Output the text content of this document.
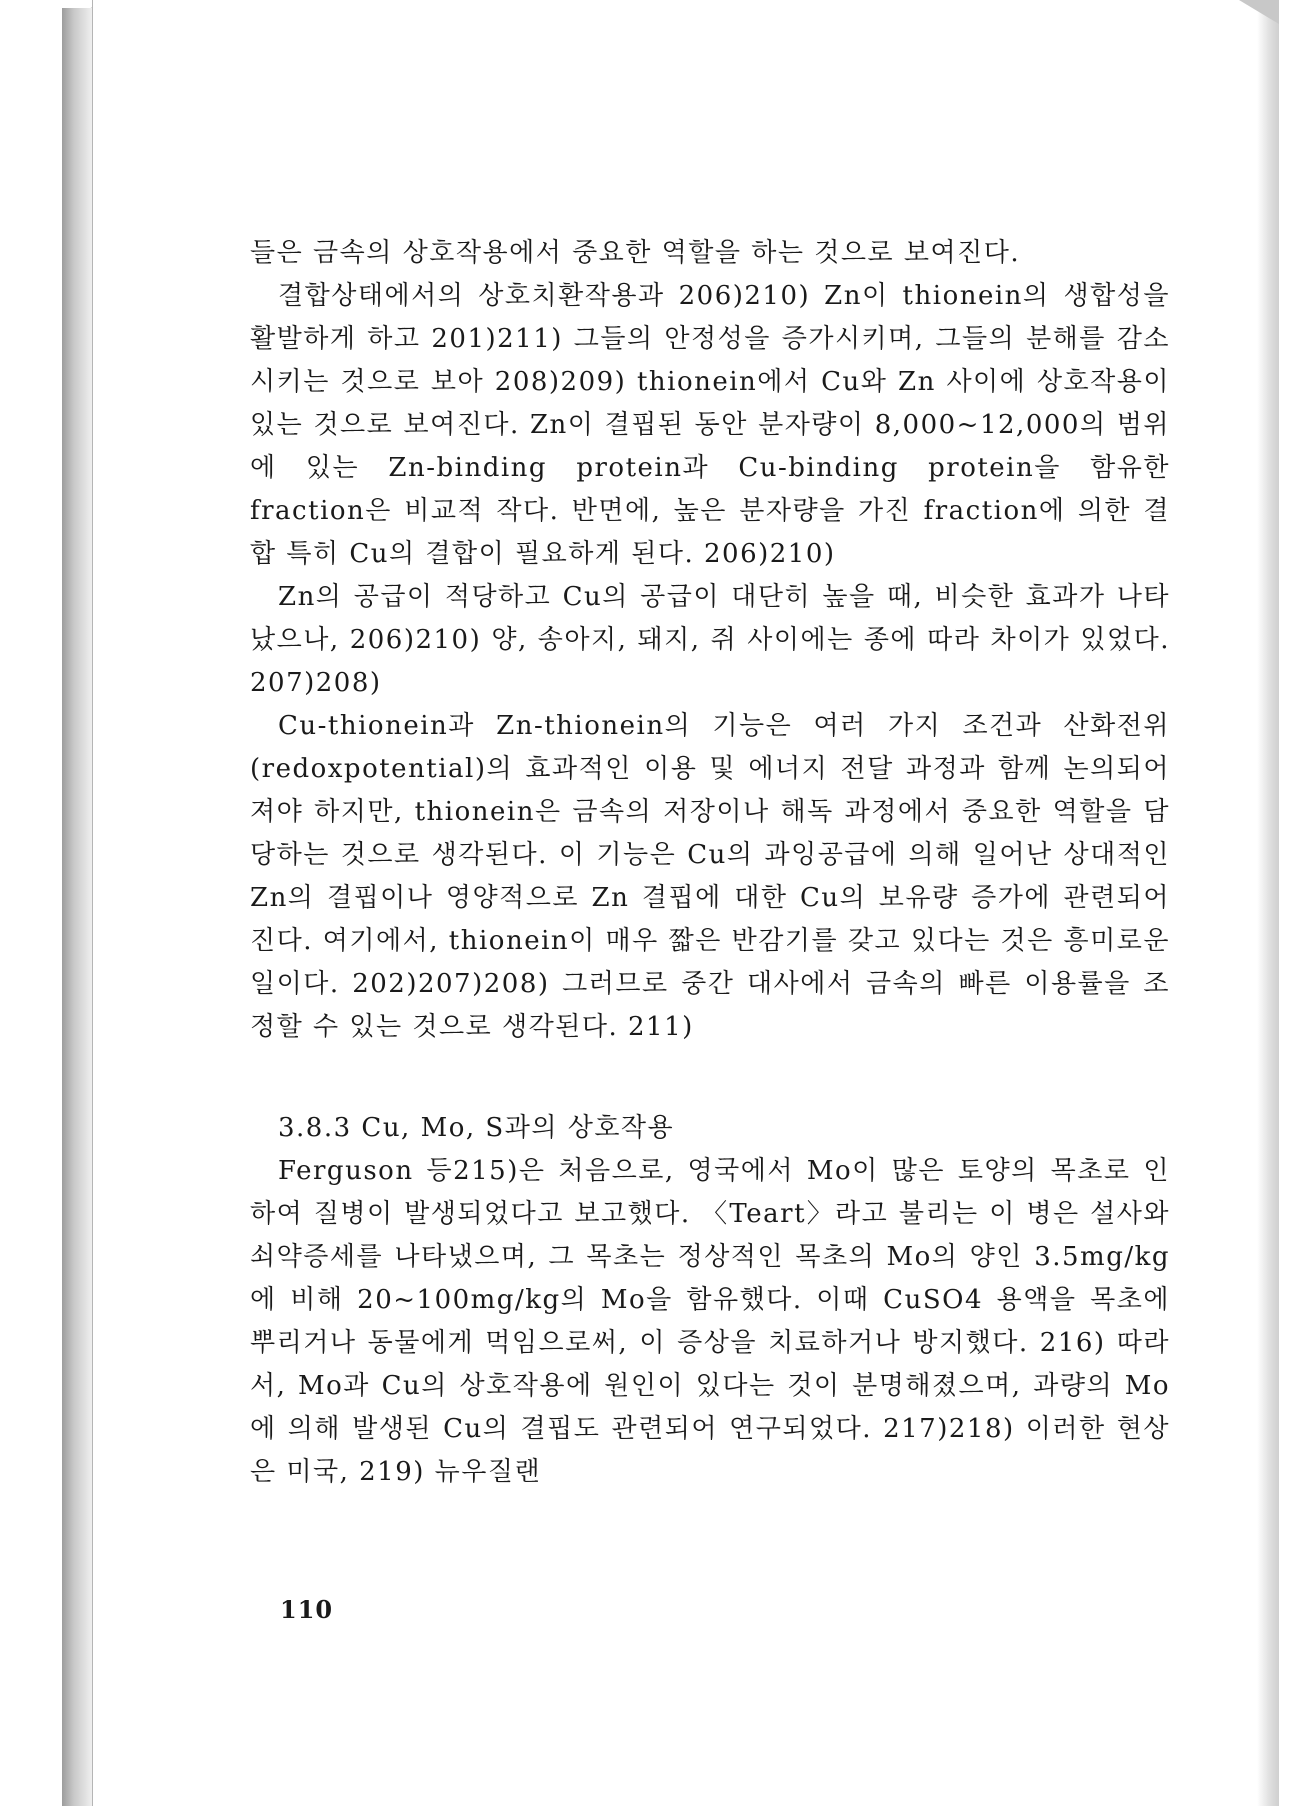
들은 금속의 상호작용에서 중요한 역할을 하는 것으로 보여진다.

결합상태에서의 상호치환작용과 206)210) Zn이 thionein의 생합성을 활발하게 하고 201)211) 그들의 안정성을 증가시키며, 그들의 분해를 감소시키는 것으로 보아 208)209) thionein에서 Cu와 Zn 사이에 상호작용이 있는 것으로 보여진다. Zn이 결핍된 동안 분자량이 8,000~12,000의 범위에 있는 Zn-binding protein과 Cu-binding protein을 함유한 fraction은 비교적 작다. 반면에, 높은 분자량을 가진 fraction에 의한 결합 특히 Cu의 결합이 필요하게 된다. 206)210)

Zn의 공급이 적당하고 Cu의 공급이 대단히 높을 때, 비슷한 효과가 나타났으나, 206)210) 양, 송아지, 돼지, 쥐 사이에는 종에 따라 차이가 있었다. 207)208)

Cu-thionein과 Zn-thionein의 기능은 여러 가지 조건과 산화전위 (redoxpotential)의 효과적인 이용 및 에너지 전달 과정과 함께 논의되어져야 하지만, thionein은 금속의 저장이나 해독 과정에서 중요한 역할을 담당하는 것으로 생각된다. 이 기능은 Cu의 과잉공급에 의해 일어난 상대적인 Zn의 결핍이나 영양적으로 Zn 결핍에 대한 Cu의 보유량 증가에 관련되어진다. 여기에서, thionein이 매우 짧은 반감기를 갖고 있다는 것은 흥미로운 일이다. 202)207)208) 그러므로 중간 대사에서 금속의 빠른 이용률을 조정할 수 있는 것으로 생각된다. 211)

3.8.3 Cu, Mo, S과의 상호작용

Ferguson 등215)은 처음으로, 영국에서 Mo이 많은 토양의 목초로 인하여 질병이 발생되었다고 보고했다. 〈Teart〉라고 불리는 이 병은 설사와 쇠약증세를 나타냈으며, 그 목초는 정상적인 목초의 Mo의 양인 3.5mg/kg에 비해 20~100mg/kg의 Mo을 함유했다. 이때 CuSO4 용액을 목초에 뿌리거나 동물에게 먹임으로써, 이 증상을 치료하거나 방지했다. 216) 따라서, Mo과 Cu의 상호작용에 원인이 있다는 것이 분명해졌으며, 과량의 Mo에 의해 발생된 Cu의 결핍도 관련되어 연구되었다. 217)218) 이러한 현상은 미국, 219) 뉴우질랜

110
